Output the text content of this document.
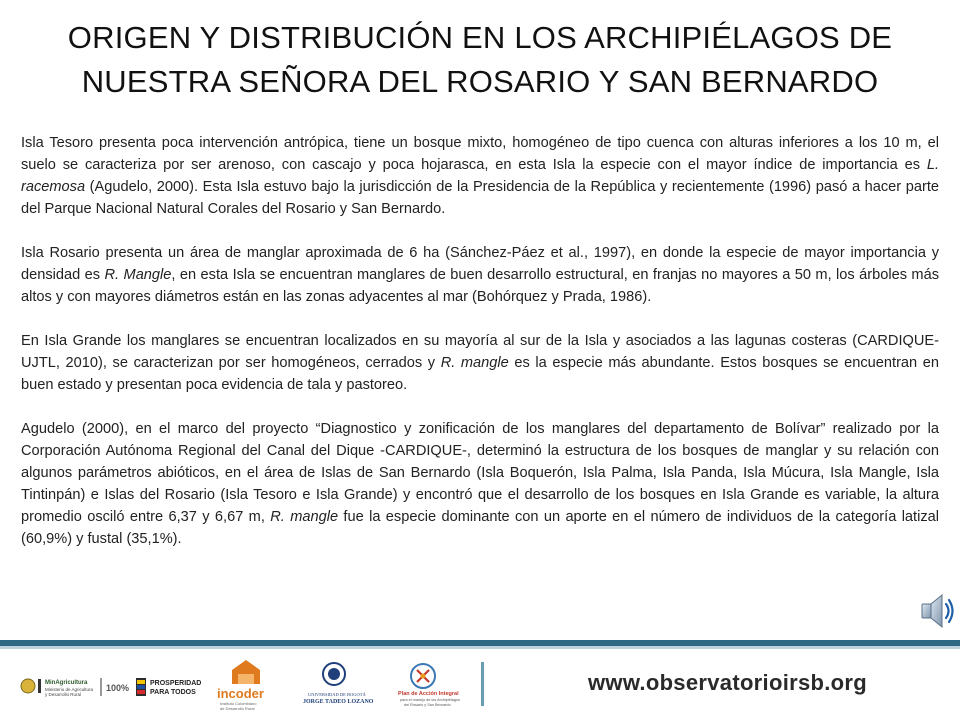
ORIGEN Y DISTRIBUCIÓN EN LOS ARCHIPIÉLAGOS DE
NUESTRA SEÑORA DEL ROSARIO Y SAN BERNARDO

Isla Tesoro presenta poca intervención antrópica, tiene un bosque mixto, homogéneo de tipo cuenca con alturas inferiores a los 10 m, el suelo se caracteriza por ser arenoso, con cascajo y poca hojarasca, en esta Isla la especie con el mayor índice de importancia es L. racemosa (Agudelo, 2000). Esta Isla estuvo bajo la jurisdicción de la Presidencia de la República y recientemente (1996) pasó a hacer parte del Parque Nacional Natural Corales del Rosario y San Bernardo.

Isla Rosario presenta un área de manglar aproximada de 6 ha (Sánchez-Páez et al., 1997), en donde la especie de mayor importancia y densidad es R. Mangle, en esta Isla se encuentran manglares de buen desarrollo estructural, en franjas no mayores a 50 m, los árboles más altos y con mayores diámetros están en las zonas adyacentes al mar (Bohórquez y Prada, 1986).

En Isla Grande los manglares se encuentran localizados en su mayoría al sur de la Isla y asociados a las lagunas costeras (CARDIQUE-UJTL, 2010), se caracterizan por ser homogéneos, cerrados y R. mangle es la especie más abundante. Estos bosques se encuentran en buen estado y presentan poca evidencia de tala y pastoreo.

Agudelo (2000), en el marco del proyecto “Diagnostico y zonificación de los manglares del departamento de Bolívar” realizado por la Corporación Autónoma Regional del Canal del Dique -CARDIQUE-, determinó la estructura de los bosques de manglar y su relación con algunos parámetros abióticos, en el área de Islas de San Bernardo (Isla Boquerón, Isla Palma, Isla Panda, Isla Múcura, Isla Mangle, Isla Tintinpán) e Islas del Rosario (Isla Tesoro e Isla Grande) y encontró que el desarrollo de los bosques en Isla Grande es variable, la altura promedio osciló entre 6,37 y 6,67 m, R. mangle fue la especie dominante con un aporte en el número de individuos de la categoría latizal (60,9%) y fustal (35,1%).

MinAgricultura
Ministerio de Agricultura
y Desarrollo Rural
100%	PROSPERIDAD
PARA TODOS incoder
Instituto Colombiano
de Desarrollo Rural
UNIVERSIDAD DE BOGOTÁ
JORGE TADEO LOZANO
Plan de Acción Integral
para el manejo de los Archipiélagos
del Rosario y San Bernardo
www.observatorioirsb.org
